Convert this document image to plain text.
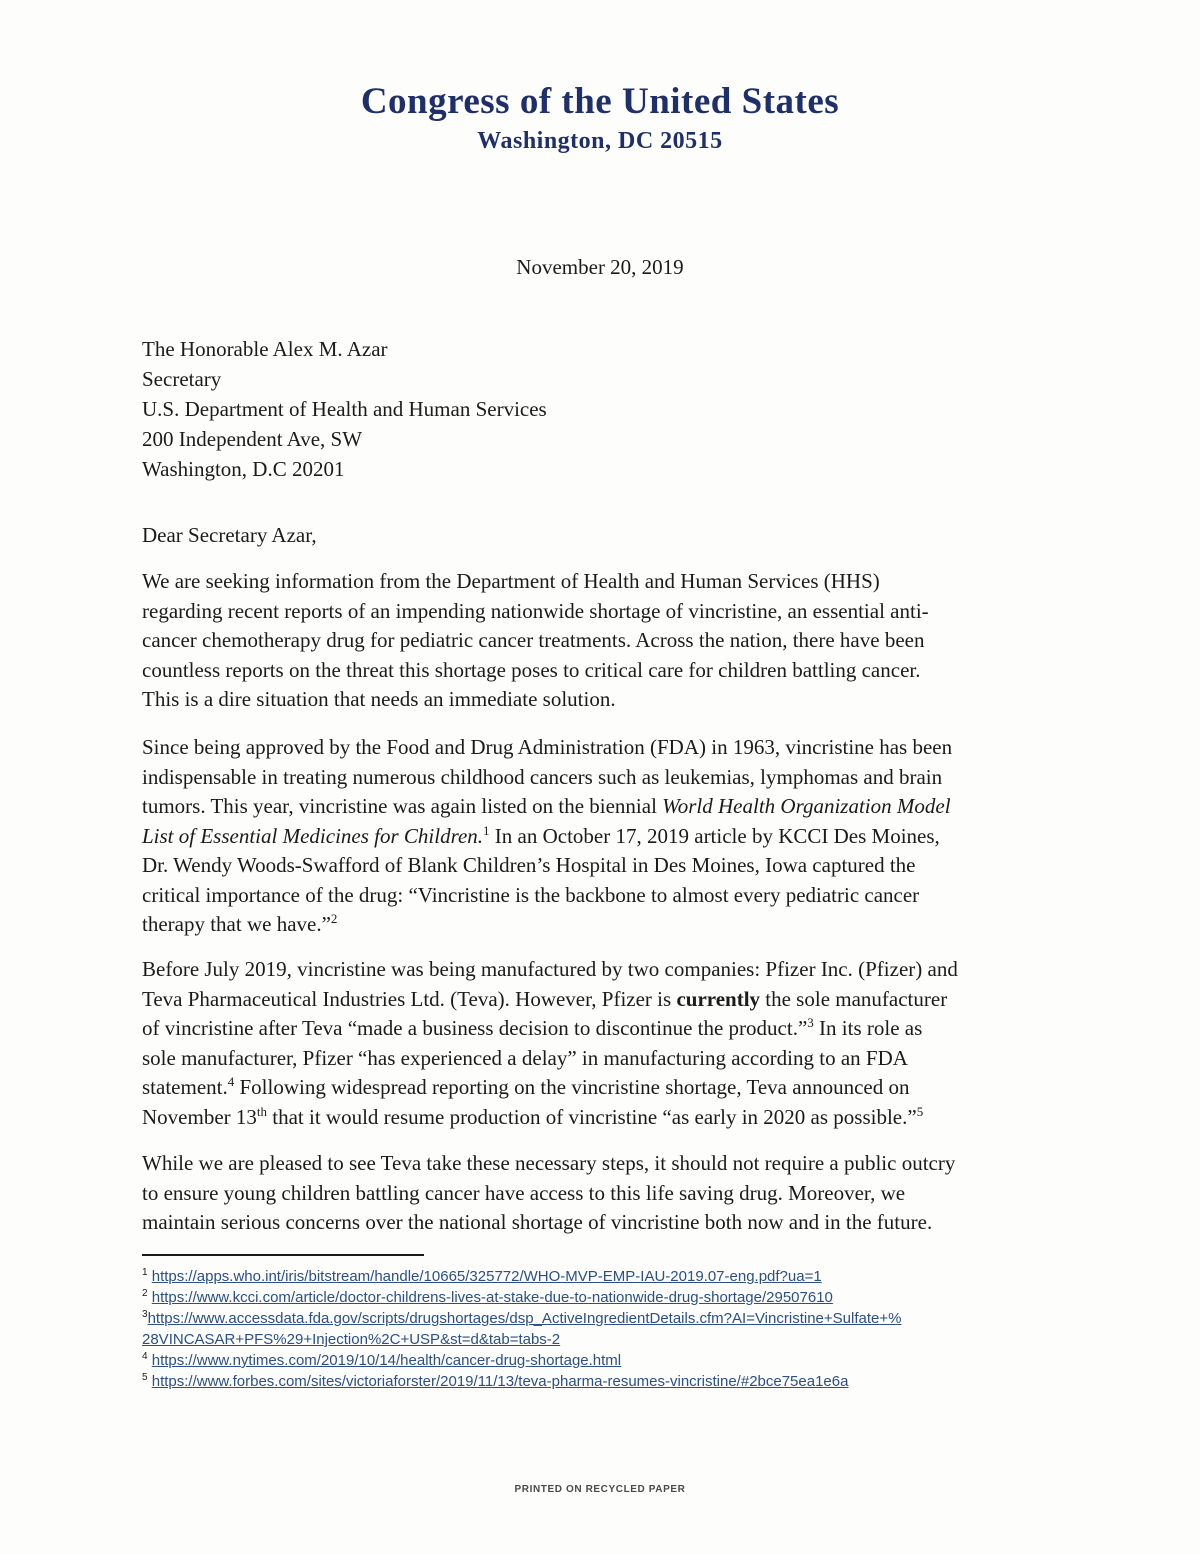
Congress of the United States
Washington, DC 20515
November 20, 2019
The Honorable Alex M. Azar
Secretary
U.S. Department of Health and Human Services
200 Independent Ave, SW
Washington, D.C 20201
Dear Secretary Azar,
We are seeking information from the Department of Health and Human Services (HHS)
regarding recent reports of an impending nationwide shortage of vincristine, an essential anti-
cancer chemotherapy drug for pediatric cancer treatments. Across the nation, there have been
countless reports on the threat this shortage poses to critical care for children battling cancer.
This is a dire situation that needs an immediate solution.
Since being approved by the Food and Drug Administration (FDA) in 1963, vincristine has been
indispensable in treating numerous childhood cancers such as leukemias, lymphomas and brain
tumors. This year, vincristine was again listed on the biennial World Health Organization Model
List of Essential Medicines for Children.$^1$ In an October 17, 2019 article by KCCI Des Moines,
Dr. Wendy Woods-Swafford of Blank Children’s Hospital in Des Moines, Iowa captured the
critical importance of the drug: “Vincristine is the backbone to almost every pediatric cancer
therapy that we have.”$^2$
Before July 2019, vincristine was being manufactured by two companies: Pfizer Inc. (Pfizer) and
Teva Pharmaceutical Industries Ltd. (Teva). However, Pfizer is currently the sole manufacturer
of vincristine after Teva “made a business decision to discontinue the product.”$^3$ In its role as
sole manufacturer, Pfizer “has experienced a delay” in manufacturing according to an FDA
statement.$^4$ Following widespread reporting on the vincristine shortage, Teva announced on
November 13th that it would resume production of vincristine “as early in 2020 as possible.”$^5$
While we are pleased to see Teva take these necessary steps, it should not require a public outcry
to ensure young children battling cancer have access to this life saving drug. Moreover, we
maintain serious concerns over the national shortage of vincristine both now and in the future.
$^1$ https://apps.who.int/iris/bitstream/handle/10665/325772/WHO-MVP-EMP-IAU-2019.07-eng.pdf?ua=1
$^2$ https://www.kcci.com/article/doctor-childrens-lives-at-stake-due-to-nationwide-drug-shortage/29507610
$^3$https://www.accessdata.fda.gov/scripts/drugshortages/dsp_ActiveIngredientDetails.cfm?AI=Vincristine+Sulfate+%
28VINCASAR+PFS%29+Injection%2C+USP&st=d&tab=tabs-2
$^4$ https://www.nytimes.com/2019/10/14/health/cancer-drug-shortage.html
$^5$ https://www.forbes.com/sites/victoriaforster/2019/11/13/teva-pharma-resumes-vincristine/#2bce75ea1e6a
PRINTED ON RECYCLED PAPER
